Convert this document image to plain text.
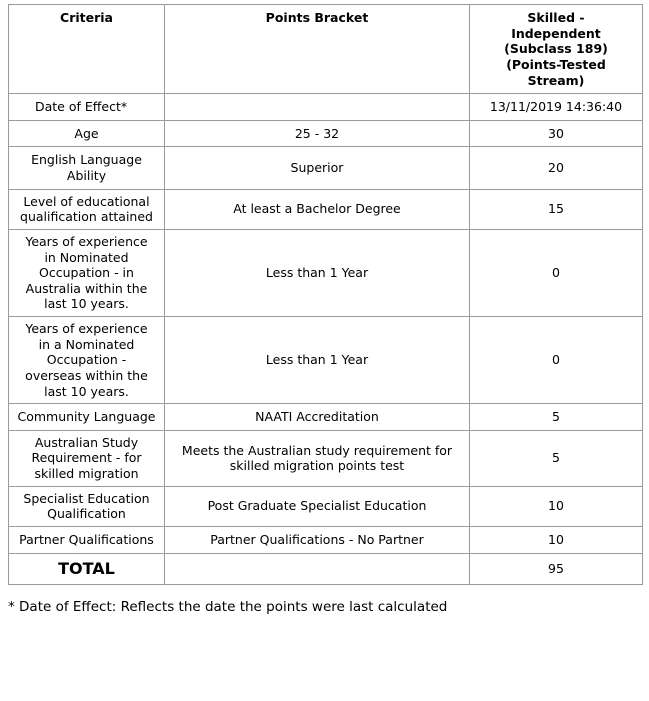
Criteria	Points Bracket	Skilled -
Independent
(Subclass 189)
(Points-Tested
Stream)

Date of Effect*		13/11/2019 14:36:40
Age	25 - 32	30
English Language Ability	Superior	20
Level of educational qualification attained	At least a Bachelor Degree	15
Years of experience in Nominated Occupation - in Australia within the last 10 years.	Less than 1 Year	0
Years of experience in a Nominated Occupation - overseas within the last 10 years.	Less than 1 Year	0
Community Language	NAATI Accreditation	5
Australian Study Requirement - for skilled migration	Meets the Australian study requirement for skilled migration points test	5
Specialist Education Qualification	Post Graduate Specialist Education	10
Partner Qualifications	Partner Qualifications - No Partner	10
TOTAL		95
* Date of Effect: Reflects the date the points were last calculated
